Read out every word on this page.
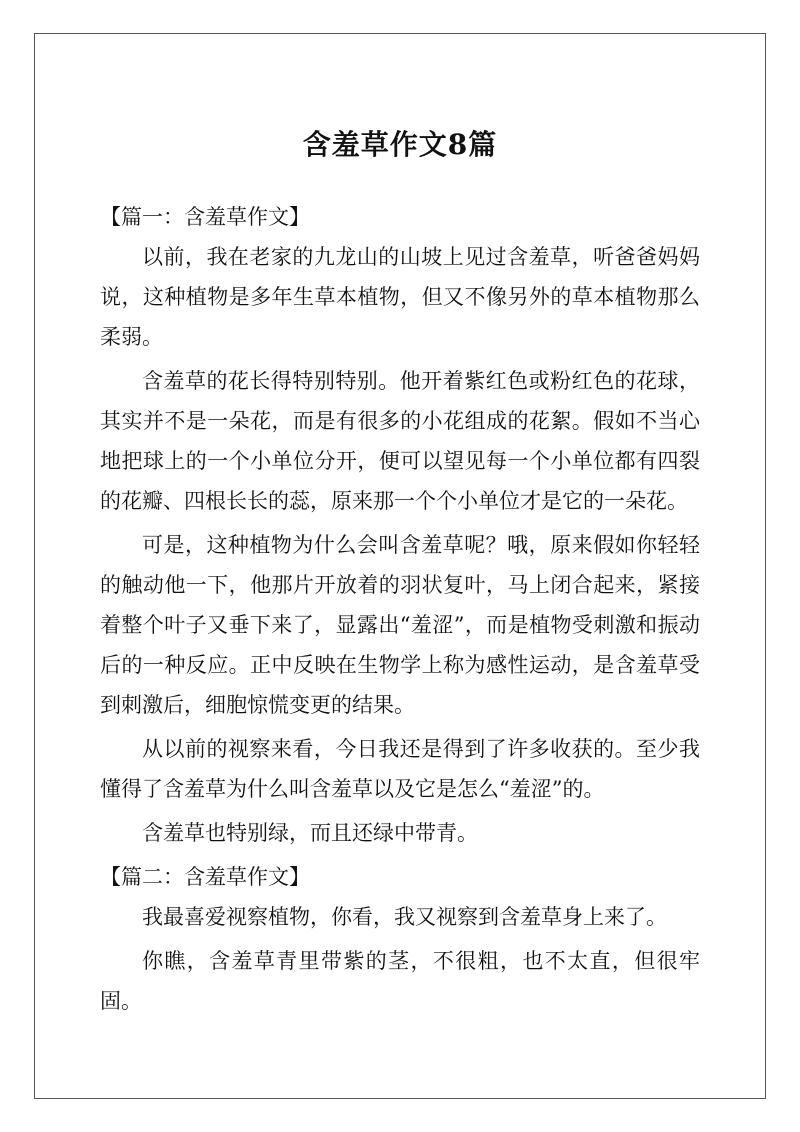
含羞草作文8篇

【篇一：含羞草作文】

以前，我在老家的九龙山的山坡上见过含羞草，听爸爸妈妈说，这种植物是多年生草本植物，但又不像另外的草本植物那么柔弱。

含羞草的花长得特别特别。他开着紫红色或粉红色的花球，其实并不是一朵花，而是有很多的小花组成的花絮。假如不当心地把球上的一个小单位分开，便可以望见每一个小单位都有四裂的花瓣、四根长长的蕊，原来那一个个小单位才是它的一朵花。

可是，这种植物为什么会叫含羞草呢？哦，原来假如你轻轻的触动他一下，他那片开放着的羽状复叶，马上闭合起来，紧接着整个叶子又垂下来了，显露出“羞涩”，而是植物受刺激和振动后的一种反应。正中反映在生物学上称为感性运动，是含羞草受到刺激后，细胞惊慌变更的结果。

从以前的视察来看，今日我还是得到了许多收获的。至少我懂得了含羞草为什么叫含羞草以及它是怎么“羞涩”的。

含羞草也特别绿，而且还绿中带青。

【篇二：含羞草作文】

我最喜爱视察植物，你看，我又视察到含羞草身上来了。

你瞧，含羞草青里带紫的茎，不很粗，也不太直，但很牢固。
